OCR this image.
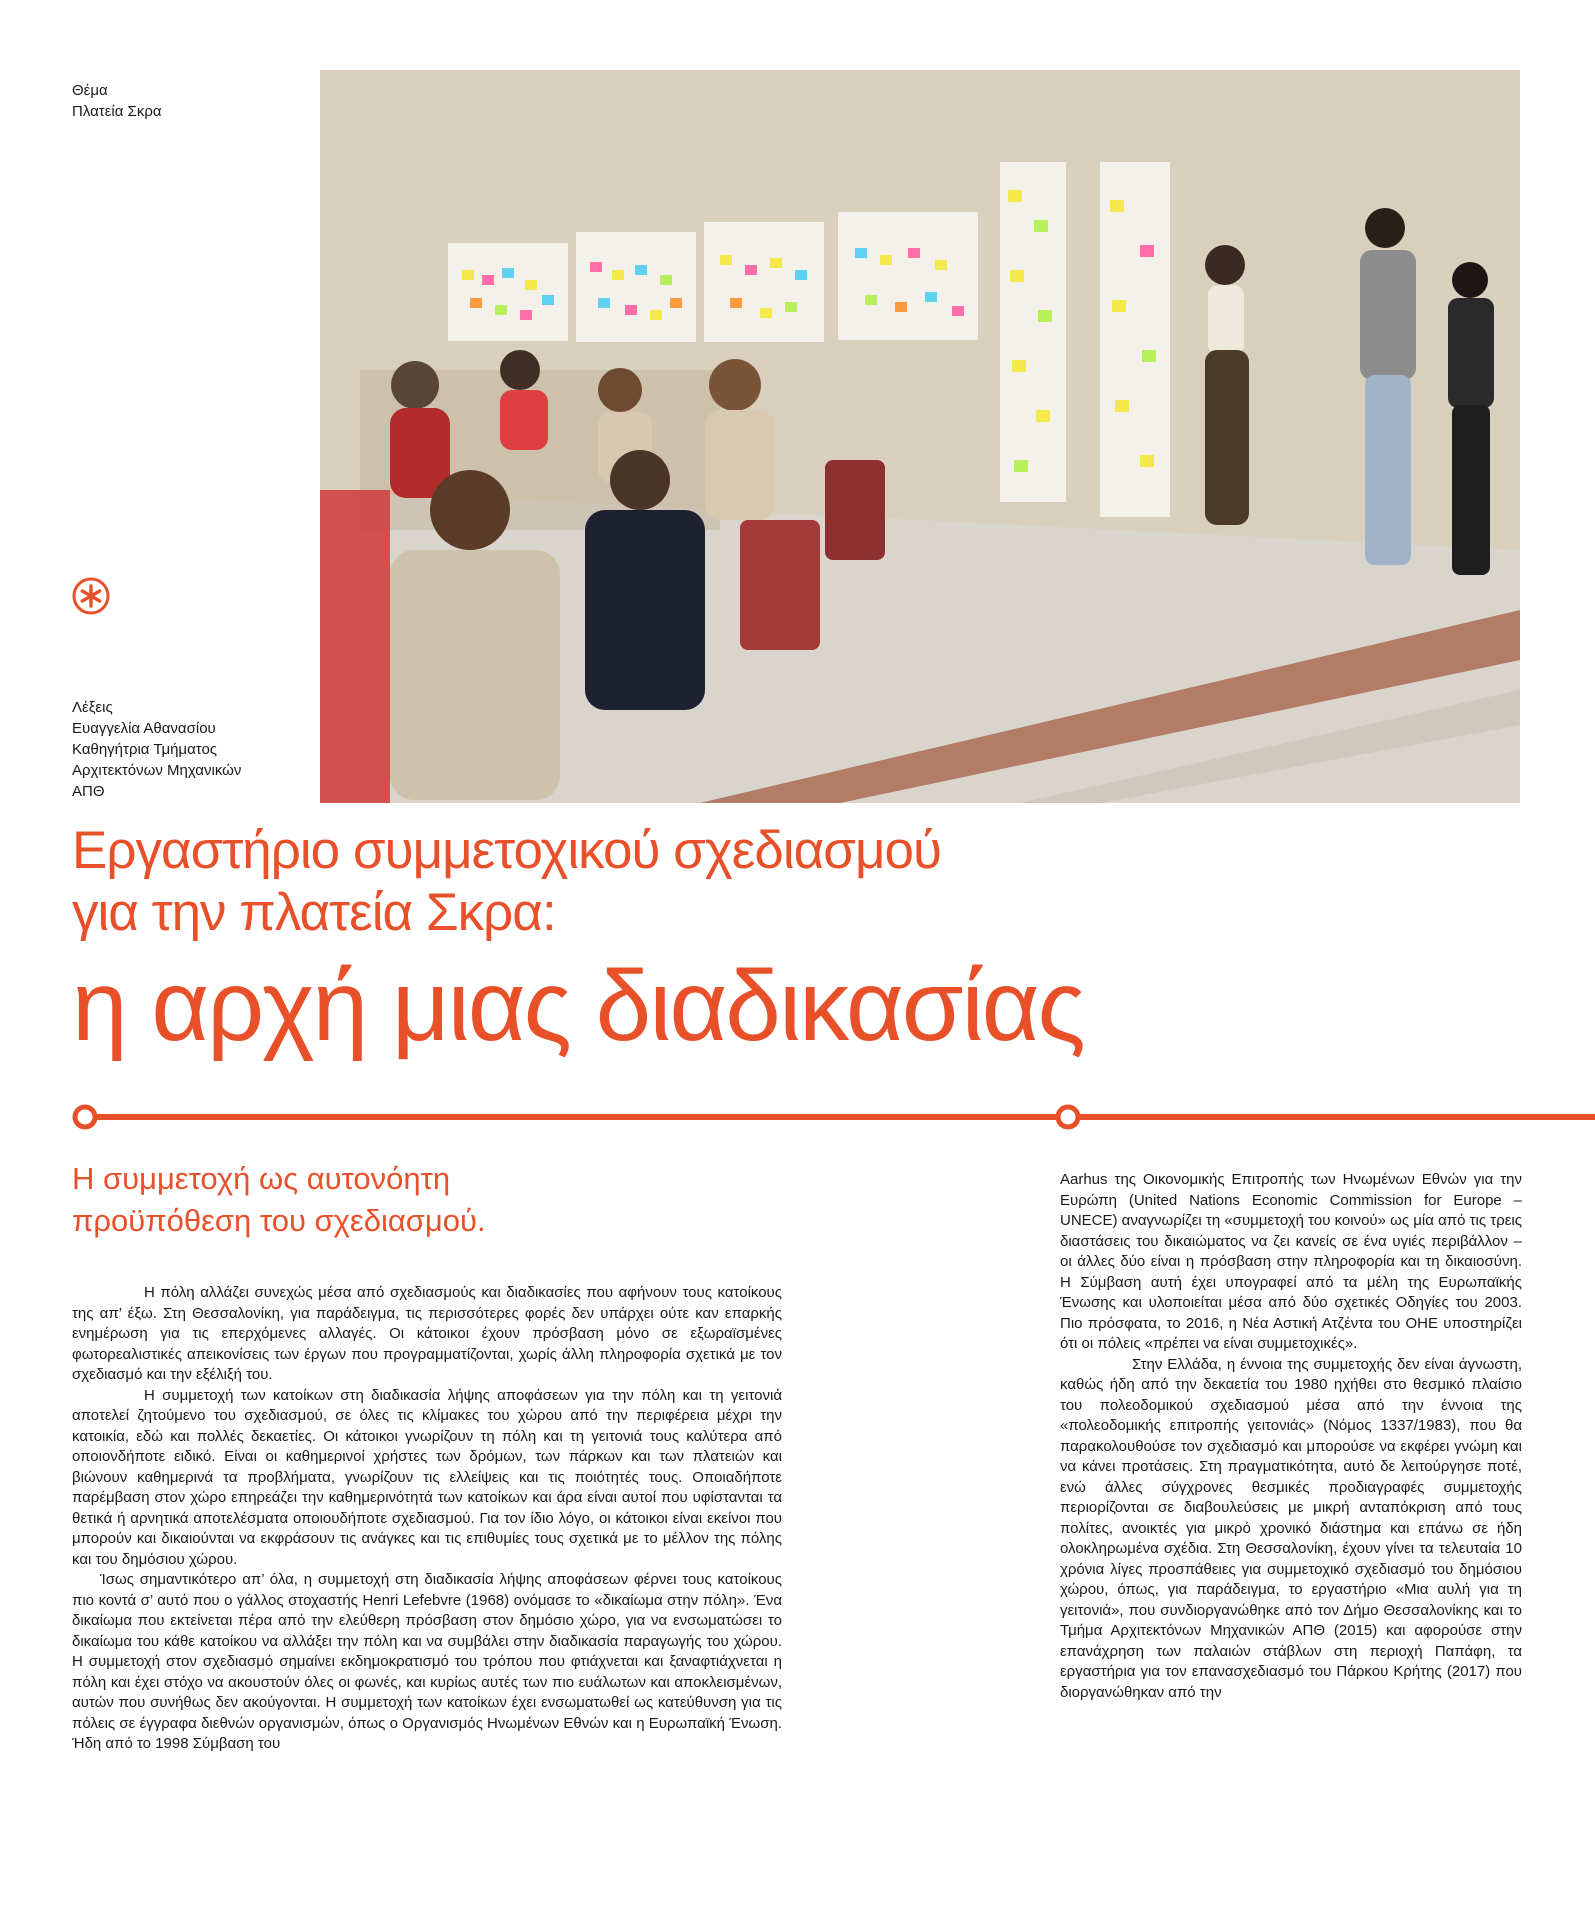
Θέμα
Πλατεία Σκρα
Λέξεις
Ευαγγελία Αθανασίου
Καθηγήτρια Τμήματος
Αρχιτεκτόνων Μηχανικών
ΑΠΘ
Εργαστήριο συμμετοχικού σχεδιασμού
για την πλατεία Σκρα:
η αρχή μιας διαδικασίας
Η συμμετοχή ως αυτονόητη
προϋπόθεση του σχεδιασμού.

Η πόλη αλλάζει συνεχώς μέσα από σχεδιασμούς και διαδικασίες που αφήνουν τους κατοίκους της απ’ έξω. Στη Θεσσαλονίκη, για παράδειγμα, τις περισσότερες φορές δεν υπάρχει ούτε καν επαρκής ενημέρωση για τις επερχόμενες αλλαγές. Οι κάτοικοι έχουν πρόσβαση μόνο σε εξωραϊσμένες φωτορεαλιστικές απεικονίσεις των έργων που προγραμματίζονται, χωρίς άλλη πληροφορία σχετικά με τον σχεδιασμό και την εξέλιξή του.

Η συμμετοχή των κατοίκων στη διαδικασία λήψης αποφάσεων για την πόλη και τη γειτονιά αποτελεί ζητούμενο του σχεδιασμού, σε όλες τις κλίμακες του χώρου από την περιφέρεια μέχρι την κατοικία, εδώ και πολλές δεκαετίες. Οι κάτοικοι γνωρίζουν τη πόλη και τη γειτονιά τους καλύτερα από οποιονδήποτε ειδικό. Είναι οι καθημερινοί χρήστες των δρόμων, των πάρκων και των πλατειών και βιώνουν καθημερινά τα προβλήματα, γνωρίζουν τις ελλείψεις και τις ποιότητές τους. Οποιαδήποτε παρέμβαση στον χώρο επηρεάζει την καθημερινότητά των κατοίκων και άρα είναι αυτοί που υφίστανται τα θετικά ή αρνητικά αποτελέσματα οποιουδήποτε σχεδιασμού. Για τον ίδιο λόγο, οι κάτοικοι είναι εκείνοι που μπορούν και δικαιούνται να εκφράσουν τις ανάγκες και τις επιθυμίες τους σχετικά με το μέλλον της πόλης και του δημόσιου χώρου.

Ίσως σημαντικότερο απ’ όλα, η συμμετοχή στη διαδικασία λήψης αποφάσεων φέρνει τους κατοίκους πιο κοντά σ’ αυτό που ο γάλλος στοχαστής Henri Lefebvre (1968) ονόμασε το «δικαίωμα στην πόλη». Ένα δικαίωμα που εκτείνεται πέρα από την ελεύθερη πρόσβαση στον δημόσιο χώρο, για να ενσωματώσει το δικαίωμα του κάθε κατοίκου να αλλάξει την πόλη και να συμβάλει στην διαδικασία παραγωγής του χώρου. Η συμμετοχή στον σχεδιασμό σημαίνει εκδημοκρατισμό του τρόπου που φτιάχνεται και ξαναφτιάχνεται η πόλη και έχει στόχο να ακουστούν όλες οι φωνές, και κυρίως αυτές των πιο ευάλωτων και αποκλεισμένων, αυτών που συνήθως δεν ακούγονται. Η συμμετοχή των κατοίκων έχει ενσωματωθεί ως κατεύθυνση για τις πόλεις σε έγγραφα διεθνών οργανισμών, όπως ο Οργανισμός Ηνωμένων Εθνών και η Ευρωπαϊκή Ένωση. Ήδη από το 1998 Σύμβαση του

Aarhus της Οικονομικής Επιτροπής των Ηνωμένων Εθνών για την Ευρώπη (United Nations Economic Commission for Europe – UNECE) αναγνωρίζει τη «συμμετοχή του κοινού» ως μία από τις τρεις διαστάσεις του δικαιώματος να ζει κανείς σε ένα υγιές περιβάλλον – οι άλλες δύο είναι η πρόσβαση στην πληροφορία και τη δικαιοσύνη. Η Σύμβαση αυτή έχει υπογραφεί από τα μέλη της Ευρωπαϊκής Ένωσης και υλοποιείται μέσα από δύο σχετικές Οδηγίες του 2003. Πιο πρόσφατα, το 2016, η Νέα Αστική Ατζέντα του ΟΗΕ υποστηρίζει ότι οι πόλεις «πρέπει να είναι συμμετοχικές».

Στην Ελλάδα, η έννοια της συμμετοχής δεν είναι άγνωστη, καθώς ήδη από την δεκαετία του 1980 ηχήθει στο θεσμικό πλαίσιο του πολεοδομικού σχεδιασμού μέσα από την έννοια της «πολεοδομικής επιτροπής γειτονιάς» (Νόμος 1337/1983), που θα παρακολουθούσε τον σχεδιασμό και μπορούσε να εκφέρει γνώμη και να κάνει προτάσεις. Στη πραγματικότητα, αυτό δε λειτούργησε ποτέ, ενώ άλλες σύγχρονες θεσμικές προδιαγραφές συμμετοχής περιορίζονται σε διαβουλεύσεις με μικρή ανταπόκριση από τους πολίτες, ανοικτές για μικρό χρονικό διάστημα και επάνω σε ήδη ολοκληρωμένα σχέδια. Στη Θεσσαλονίκη, έχουν γίνει τα τελευταία 10 χρόνια λίγες προσπάθειες για συμμετοχικό σχεδιασμό του δημόσιου χώρου, όπως, για παράδειγμα, το εργαστήριο «Μια αυλή για τη γειτονιά», που συνδιοργανώθηκε από τον Δήμο Θεσσαλονίκης και το Τμήμα Αρχιτεκτόνων Μηχανικών ΑΠΘ (2015) και αφορούσε στην επανάχρηση των παλαιών στάβλων στη περιοχή Παπάφη, τα εργαστήρια για τον επανασχεδιασμό του Πάρκου Κρήτης (2017) που διοργανώθηκαν από την
